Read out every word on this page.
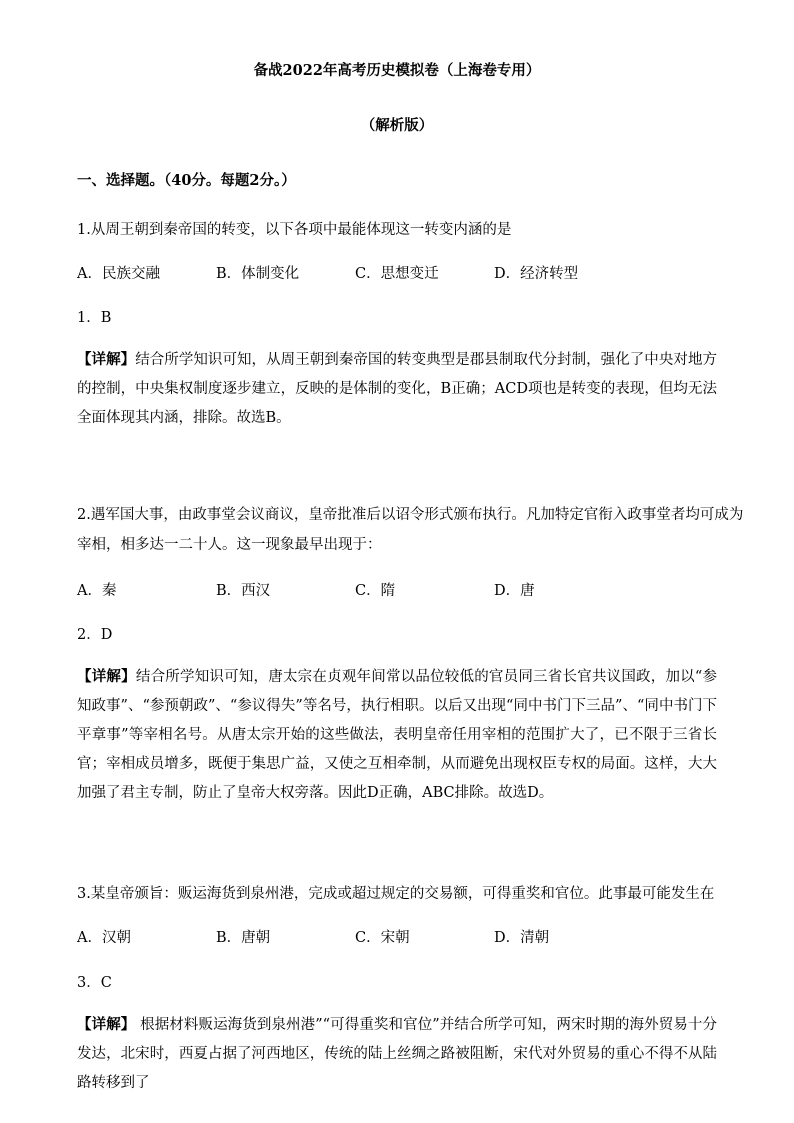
备战2022年高考历史模拟卷（上海卷专用）
（解析版）
一、选择题。（40分。每题2分。）
1.从周王朝到秦帝国的转变，以下各项中最能体现这一转变内涵的是
A．民族交融	B．体制变化	C．思想变迁	D．经济转型
1．B
【详解】结合所学知识可知，从周王朝到秦帝国的转变典型是郡县制取代分封制，强化了中央对地方的控制，中央集权制度逐步建立，反映的是体制的变化，B正确；ACD项也是转变的表现，但均无法全面体现其内涵，排除。故选B。
2.遇军国大事，由政事堂会议商议，皇帝批准后以诏令形式颁布执行。凡加特定官衔入政事堂者均可成为
宰相，相多达一二十人。这一现象最早出现于：
A．秦	B．西汉	C．隋	D．唐
2．D
【详解】结合所学知识可知，唐太宗在贞观年间常以品位较低的官员同三省长官共议国政，加以“参知政事”、“参预朝政”、“参议得失”等名号，执行相职。以后又出现“同中书门下三品”、“同中书门下平章事”等宰相名号。从唐太宗开始的这些做法，表明皇帝任用宰相的范围扩大了，已不限于三省长官；宰相成员增多，既便于集思广益，又使之互相牵制，从而避免出现权臣专权的局面。这样，大大加强了君主专制，防止了皇帝大权旁落。因此D正确，ABC排除。故选D。
3.某皇帝颁旨：贩运海货到泉州港，完成或超过规定的交易额，可得重奖和官位。此事最可能发生在
A．汉朝	B．唐朝	C．宋朝	D．清朝
3．C
【详解】 根据材料贩运海货到泉州港”“可得重奖和官位”并结合所学可知，两宋时期的海外贸易十分发达，北宋时，西夏占据了河西地区，传统的陆上丝绸之路被阻断，宋代对外贸易的重心不得不从陆路转移到了
